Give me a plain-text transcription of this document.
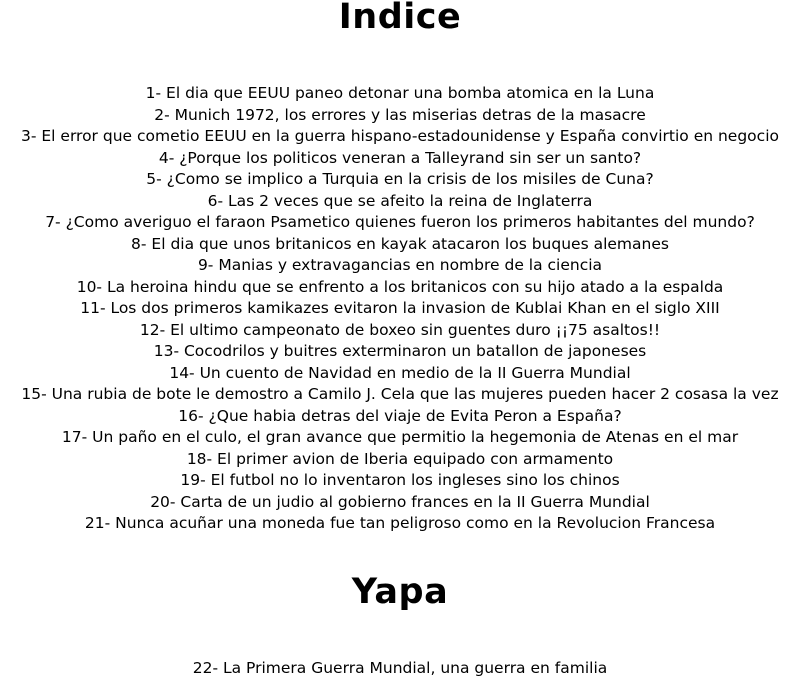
Indice
1- El dia que EEUU paneo detonar una bomba atomica en la Luna
2- Munich 1972, los errores y las miserias detras de la masacre
3- El error que cometio EEUU en la guerra hispano-estadounidense y España convirtio en negocio
4- ¿Porque los politicos veneran a Talleyrand sin ser un santo?
5- ¿Como se implico a Turquia en la crisis de los misiles de Cuna?
6- Las 2 veces que se afeito la reina de Inglaterra
7- ¿Como averiguo el faraon Psametico quienes fueron los primeros habitantes del mundo?
8- El dia que unos britanicos en kayak atacaron los buques alemanes
9- Manias y extravagancias en nombre de la ciencia
10- La heroina hindu que se enfrento a los britanicos con su hijo atado a la espalda
11- Los dos primeros kamikazes evitaron la invasion de Kublai Khan en el siglo XIII
12- El ultimo campeonato de boxeo sin guentes duro ¡¡75 asaltos!!
13- Cocodrilos y buitres exterminaron un batallon de japoneses
14- Un cuento de Navidad en medio de la II Guerra Mundial
15- Una rubia de bote le demostro a Camilo J. Cela que las mujeres pueden hacer 2 cosasa la vez
16- ¿Que habia detras del viaje de Evita Peron a España?
17- Un paño en el culo, el gran avance que permitio la hegemonia de Atenas en el mar
18- El primer avion de Iberia equipado con armamento
19- El futbol no lo inventaron los ingleses sino los chinos
20- Carta de un judio al gobierno frances en la II Guerra Mundial
21- Nunca acuñar una moneda fue tan peligroso como en la Revolucion Francesa
Yapa
22- La Primera Guerra Mundial, una guerra en familia
